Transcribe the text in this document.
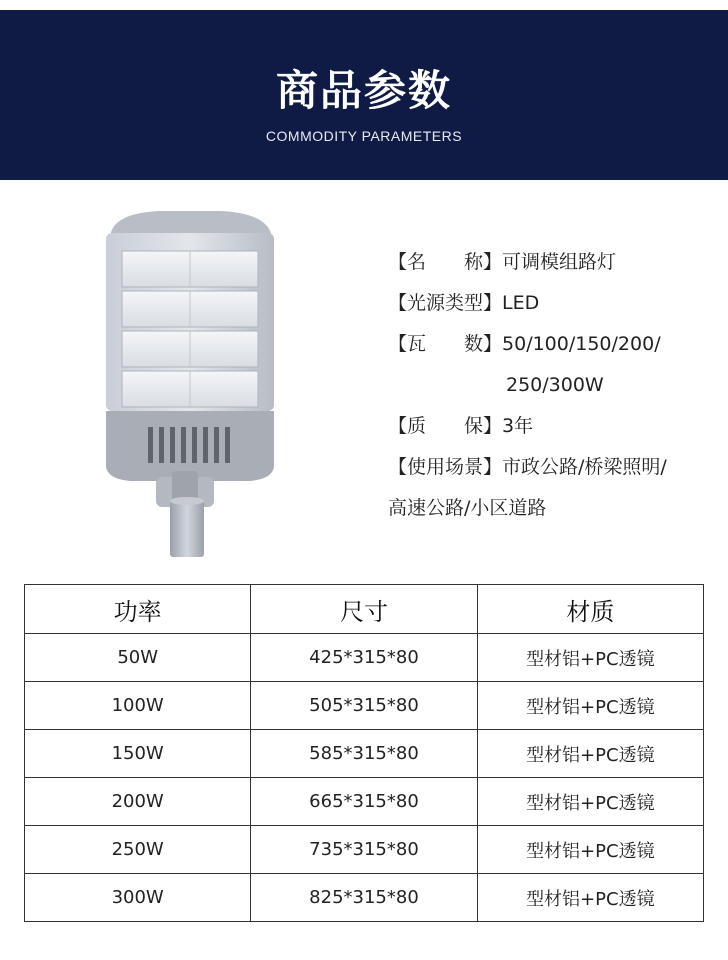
商品参数
COMMODITY PARAMETERS
【名　　称】 可调模组路灯
【光源类型】 LED
【瓦　　数】 50/100/150/200/
250/300W
【质　　保】 3年
【使用场景】 市政公路/桥梁照明/
高速公路/小区道路
功率	尺寸	材质
50W	425*315*80	型材铝+PC透镜
100W	505*315*80	型材铝+PC透镜
150W	585*315*80	型材铝+PC透镜
200W	665*315*80	型材铝+PC透镜
250W	735*315*80	型材铝+PC透镜
300W	825*315*80	型材铝+PC透镜
